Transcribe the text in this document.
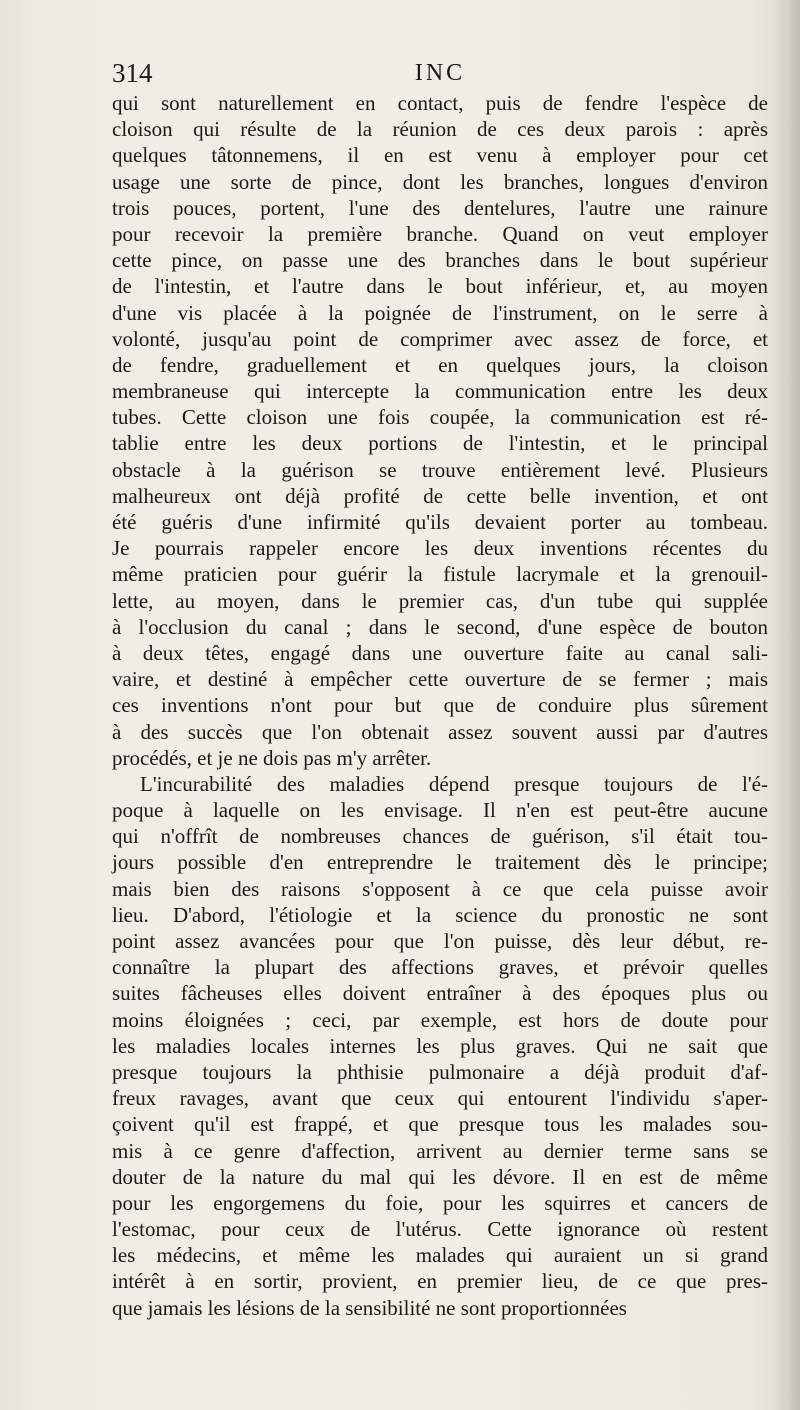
314	INC
qui sont naturellement en contact, puis de fendre l'espèce de
cloison qui résulte de la réunion de ces deux parois : après
quelques tâtonnemens, il en est venu à employer pour cet
usage une sorte de pince, dont les branches, longues d'environ
trois pouces, portent, l'une des dentelures, l'autre une rainure
pour recevoir la première branche. Quand on veut employer
cette pince, on passe une des branches dans le bout supérieur
de l'intestin, et l'autre dans le bout inférieur, et, au moyen
d'une vis placée à la poignée de l'instrument, on le serre à
volonté, jusqu'au point de comprimer avec assez de force, et
de fendre, graduellement et en quelques jours, la cloison
membraneuse qui intercepte la communication entre les deux
tubes. Cette cloison une fois coupée, la communication est ré-
tablie entre les deux portions de l'intestin, et le principal
obstacle à la guérison se trouve entièrement levé. Plusieurs
malheureux ont déjà profité de cette belle invention, et ont
été guéris d'une infirmité qu'ils devaient porter au tombeau.
Je pourrais rappeler encore les deux inventions récentes du
même praticien pour guérir la fistule lacrymale et la grenouil-
lette, au moyen, dans le premier cas, d'un tube qui supplée
à l'occlusion du canal ; dans le second, d'une espèce de bouton
à deux têtes, engagé dans une ouverture faite au canal sali-
vaire, et destiné à empêcher cette ouverture de se fermer ; mais
ces inventions n'ont pour but que de conduire plus sûrement
à des succès que l'on obtenait assez souvent aussi par d'autres
procédés, et je ne dois pas m'y arrêter.
L'incurabilité des maladies dépend presque toujours de l'é-
poque à laquelle on les envisage. Il n'en est peut-être aucune
qui n'offrît de nombreuses chances de guérison, s'il était tou-
jours possible d'en entreprendre le traitement dès le principe;
mais bien des raisons s'opposent à ce que cela puisse avoir
lieu. D'abord, l'étiologie et la science du pronostic ne sont
point assez avancées pour que l'on puisse, dès leur début, re-
connaître la plupart des affections graves, et prévoir quelles
suites fâcheuses elles doivent entraîner à des époques plus ou
moins éloignées ; ceci, par exemple, est hors de doute pour
les maladies locales internes les plus graves. Qui ne sait que
presque toujours la phthisie pulmonaire a déjà produit d'af-
freux ravages, avant que ceux qui entourent l'individu s'aper-
çoivent qu'il est frappé, et que presque tous les malades sou-
mis à ce genre d'affection, arrivent au dernier terme sans se
douter de la nature du mal qui les dévore. Il en est de même
pour les engorgemens du foie, pour les squirres et cancers de
l'estomac, pour ceux de l'utérus. Cette ignorance où restent
les médecins, et même les malades qui auraient un si grand
intérêt à en sortir, provient, en premier lieu, de ce que pres-
que jamais les lésions de la sensibilité ne sont proportionnées
